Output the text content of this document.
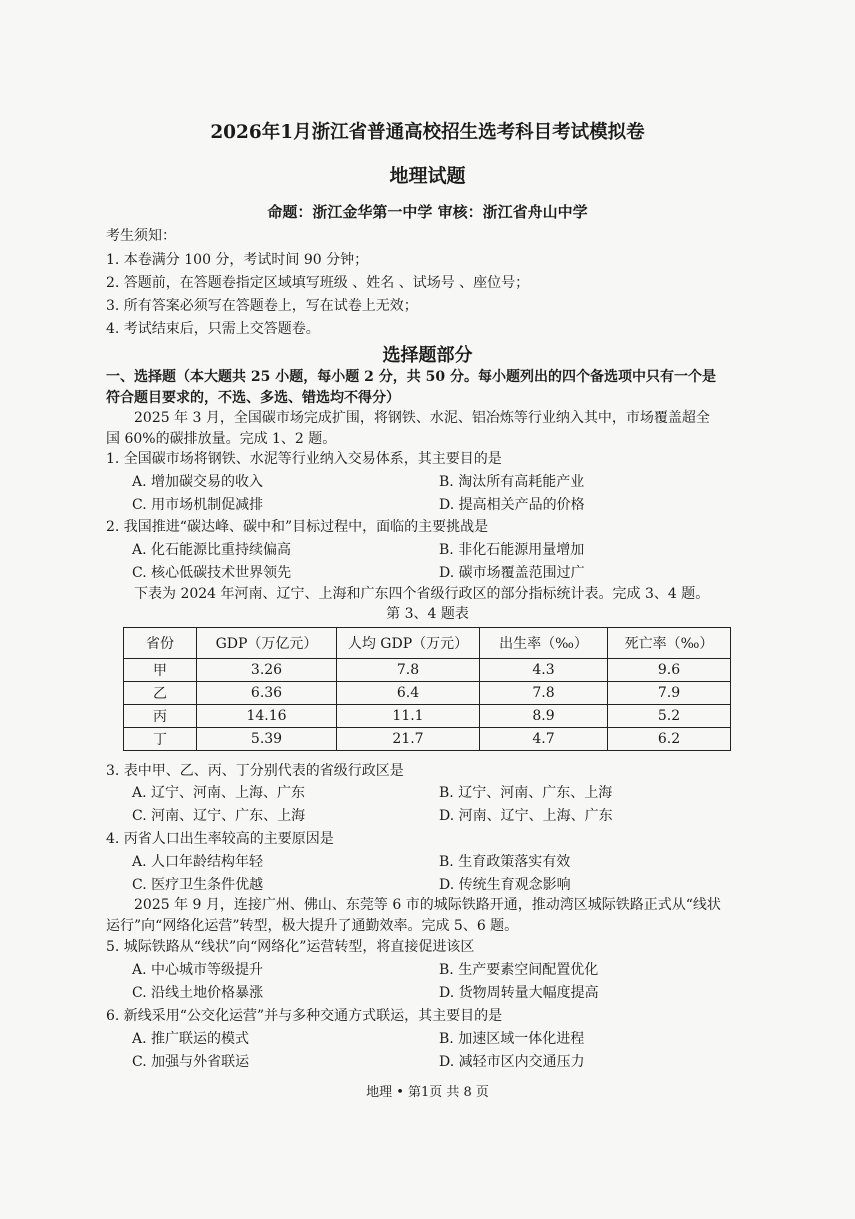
2026年1月浙江省普通高校招生选考科目考试模拟卷
地理试题
命题：浙江金华第一中学 审核：浙江省舟山中学
考生须知：
1. 本卷满分 100 分，考试时间 90 分钟；
2. 答题前，在答题卷指定区域填写班级 、姓名 、试场号 、座位号；
3. 所有答案必须写在答题卷上，写在试卷上无效；
4. 考试结束后，只需上交答题卷。
选择题部分
一、选择题（本大题共 25 小题，每小题 2 分，共 50 分。每小题列出的四个备选项中只有一个是
符合题目要求的，不选、多选、错选均不得分）
2025 年 3 月，全国碳市场完成扩围，将钢铁、水泥、铝冶炼等行业纳入其中，市场覆盖超全
国 60%的碳排放量。完成 1、2 题。
1. 全国碳市场将钢铁、水泥等行业纳入交易体系，其主要目的是
A. 增加碳交易的收入	B. 淘汰所有高耗能产业
C. 用市场机制促减排	D. 提高相关产品的价格
2. 我国推进“碳达峰、碳中和”目标过程中，面临的主要挑战是
A. 化石能源比重持续偏高	B. 非化石能源用量增加
C. 核心低碳技术世界领先	D. 碳市场覆盖范围过广
下表为 2024 年河南、辽宁、上海和广东四个省级行政区的部分指标统计表。完成 3、4 题。
第 3、4 题表
省份	GDP（万亿元）	人均 GDP（万元）	出生率（‰）	死亡率（‰）
甲	3.26	7.8	4.3	9.6
乙	6.36	6.4	7.8	7.9
丙	14.16	11.1	8.9	5.2
丁	5.39	21.7	4.7	6.2
3. 表中甲、乙、丙、丁分别代表的省级行政区是
A. 辽宁、河南、上海、广东	B. 辽宁、河南、广东、上海
C. 河南、辽宁、广东、上海	D. 河南、辽宁、上海、广东
4. 丙省人口出生率较高的主要原因是
A. 人口年龄结构年轻	B. 生育政策落实有效
C. 医疗卫生条件优越	D. 传统生育观念影响
2025 年 9 月，连接广州、佛山、东莞等 6 市的城际铁路开通，推动湾区城际铁路正式从“线状
运行”向“网络化运营”转型，极大提升了通勤效率。完成 5、6 题。
5. 城际铁路从“线状”向“网络化”运营转型，将直接促进该区
A. 中心城市等级提升	B. 生产要素空间配置优化
C. 沿线土地价格暴涨	D. 货物周转量大幅度提高
6. 新线采用“公交化运营”并与多种交通方式联运，其主要目的是
A. 推广联运的模式	B. 加速区域一体化进程
C. 加强与外省联运	D. 减轻市区内交通压力
地理 • 第1页 共 8 页
